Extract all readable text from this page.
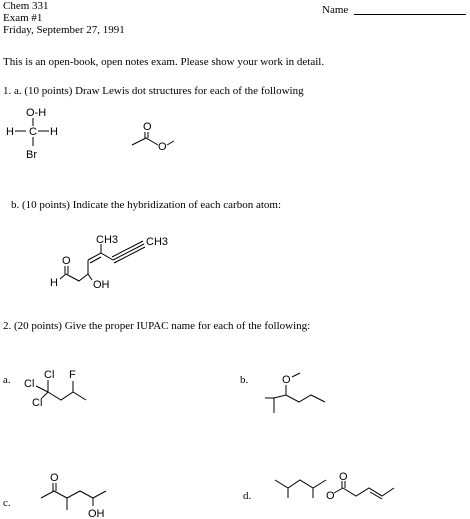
Chem 331
Exam #1
Friday, September 27, 1991
Name
This is an open-book, open notes exam. Please show your work in detail.
1. a. (10 points) Draw Lewis dot structures for each of the following
O-H
H C H
Br
O
O
b. (10 points) Indicate the hybridization of each carbon atom:
H
O
OH
CH3	CH3
2. (20 points) Give the proper IUPAC name for each of the following:
a.	b.
c.
d.
Cl
Cl
Cl
F	O
O
OH
O
O
